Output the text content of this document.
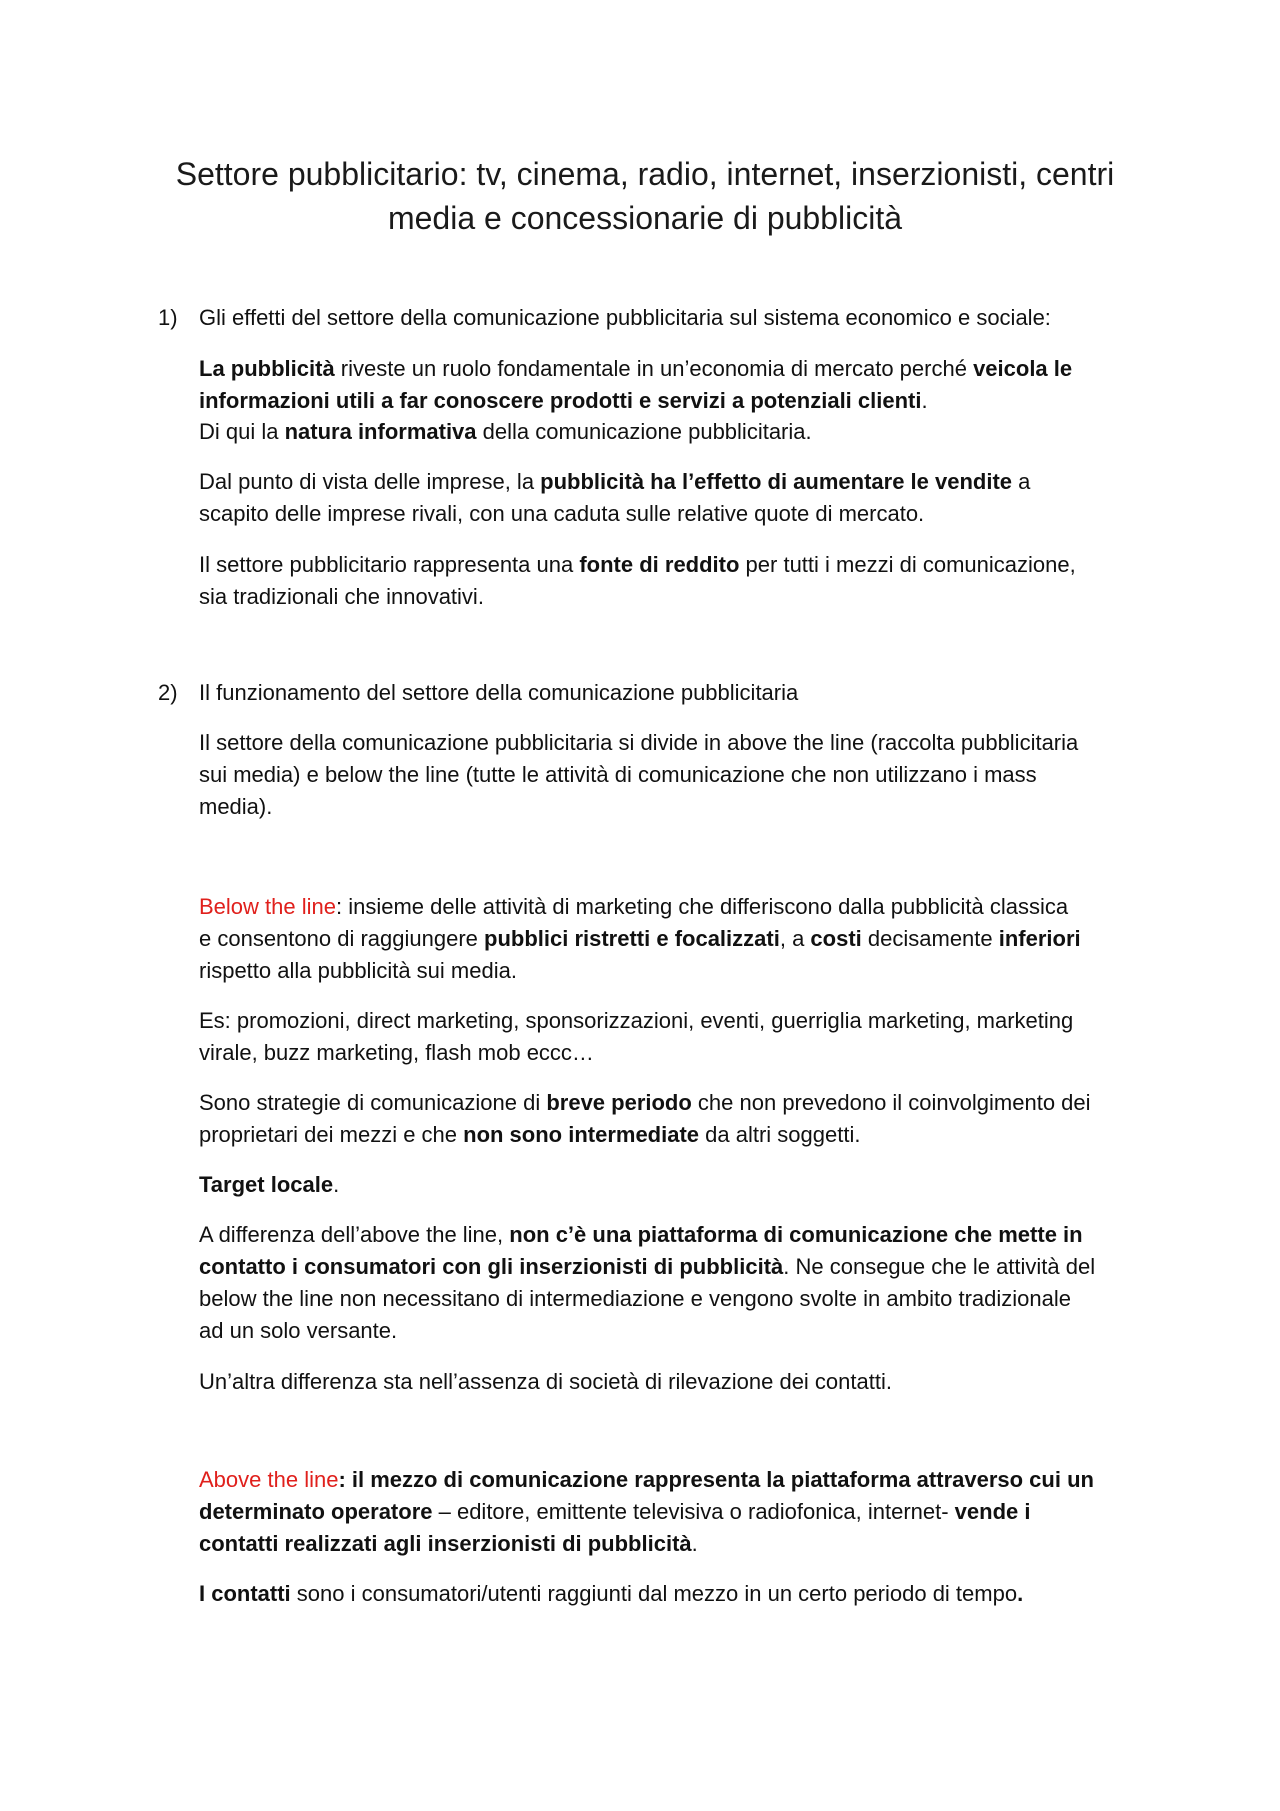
Settore pubblicitario: tv, cinema, radio, internet, inserzionisti, centri
media e concessionarie di pubblicità
1) Gli effetti del settore della comunicazione pubblicitaria sul sistema economico e sociale:
La pubblicità riveste un ruolo fondamentale in un’economia di mercato perché veicola le
informazioni utili a far conoscere prodotti e servizi a potenziali clienti.
Di qui la natura informativa della comunicazione pubblicitaria.
Dal punto di vista delle imprese, la pubblicità ha l’effetto di aumentare le vendite a
scapito delle imprese rivali, con una caduta sulle relative quote di mercato.
Il settore pubblicitario rappresenta una fonte di reddito per tutti i mezzi di comunicazione,
sia tradizionali che innovativi.
2) Il funzionamento del settore della comunicazione pubblicitaria
Il settore della comunicazione pubblicitaria si divide in above the line (raccolta pubblicitaria
sui media) e below the line (tutte le attività di comunicazione che non utilizzano i mass
media).
Below the line: insieme delle attività di marketing che differiscono dalla pubblicità classica
e consentono di raggiungere pubblici ristretti e focalizzati, a costi decisamente inferiori
rispetto alla pubblicità sui media.
Es: promozioni, direct marketing, sponsorizzazioni, eventi, guerriglia marketing, marketing
virale, buzz marketing, flash mob eccc…
Sono strategie di comunicazione di breve periodo che non prevedono il coinvolgimento dei
proprietari dei mezzi e che non sono intermediate da altri soggetti.
Target locale.
A differenza dell’above the line, non c’è una piattaforma di comunicazione che mette in
contatto i consumatori con gli inserzionisti di pubblicità. Ne consegue che le attività del
below the line non necessitano di intermediazione e vengono svolte in ambito tradizionale
ad un solo versante.
Un’altra differenza sta nell’assenza di società di rilevazione dei contatti.
Above the line: il mezzo di comunicazione rappresenta la piattaforma attraverso cui un
determinato operatore – editore, emittente televisiva o radiofonica, internet- vende i
contatti realizzati agli inserzionisti di pubblicità.
I contatti sono i consumatori/utenti raggiunti dal mezzo in un certo periodo di tempo.
